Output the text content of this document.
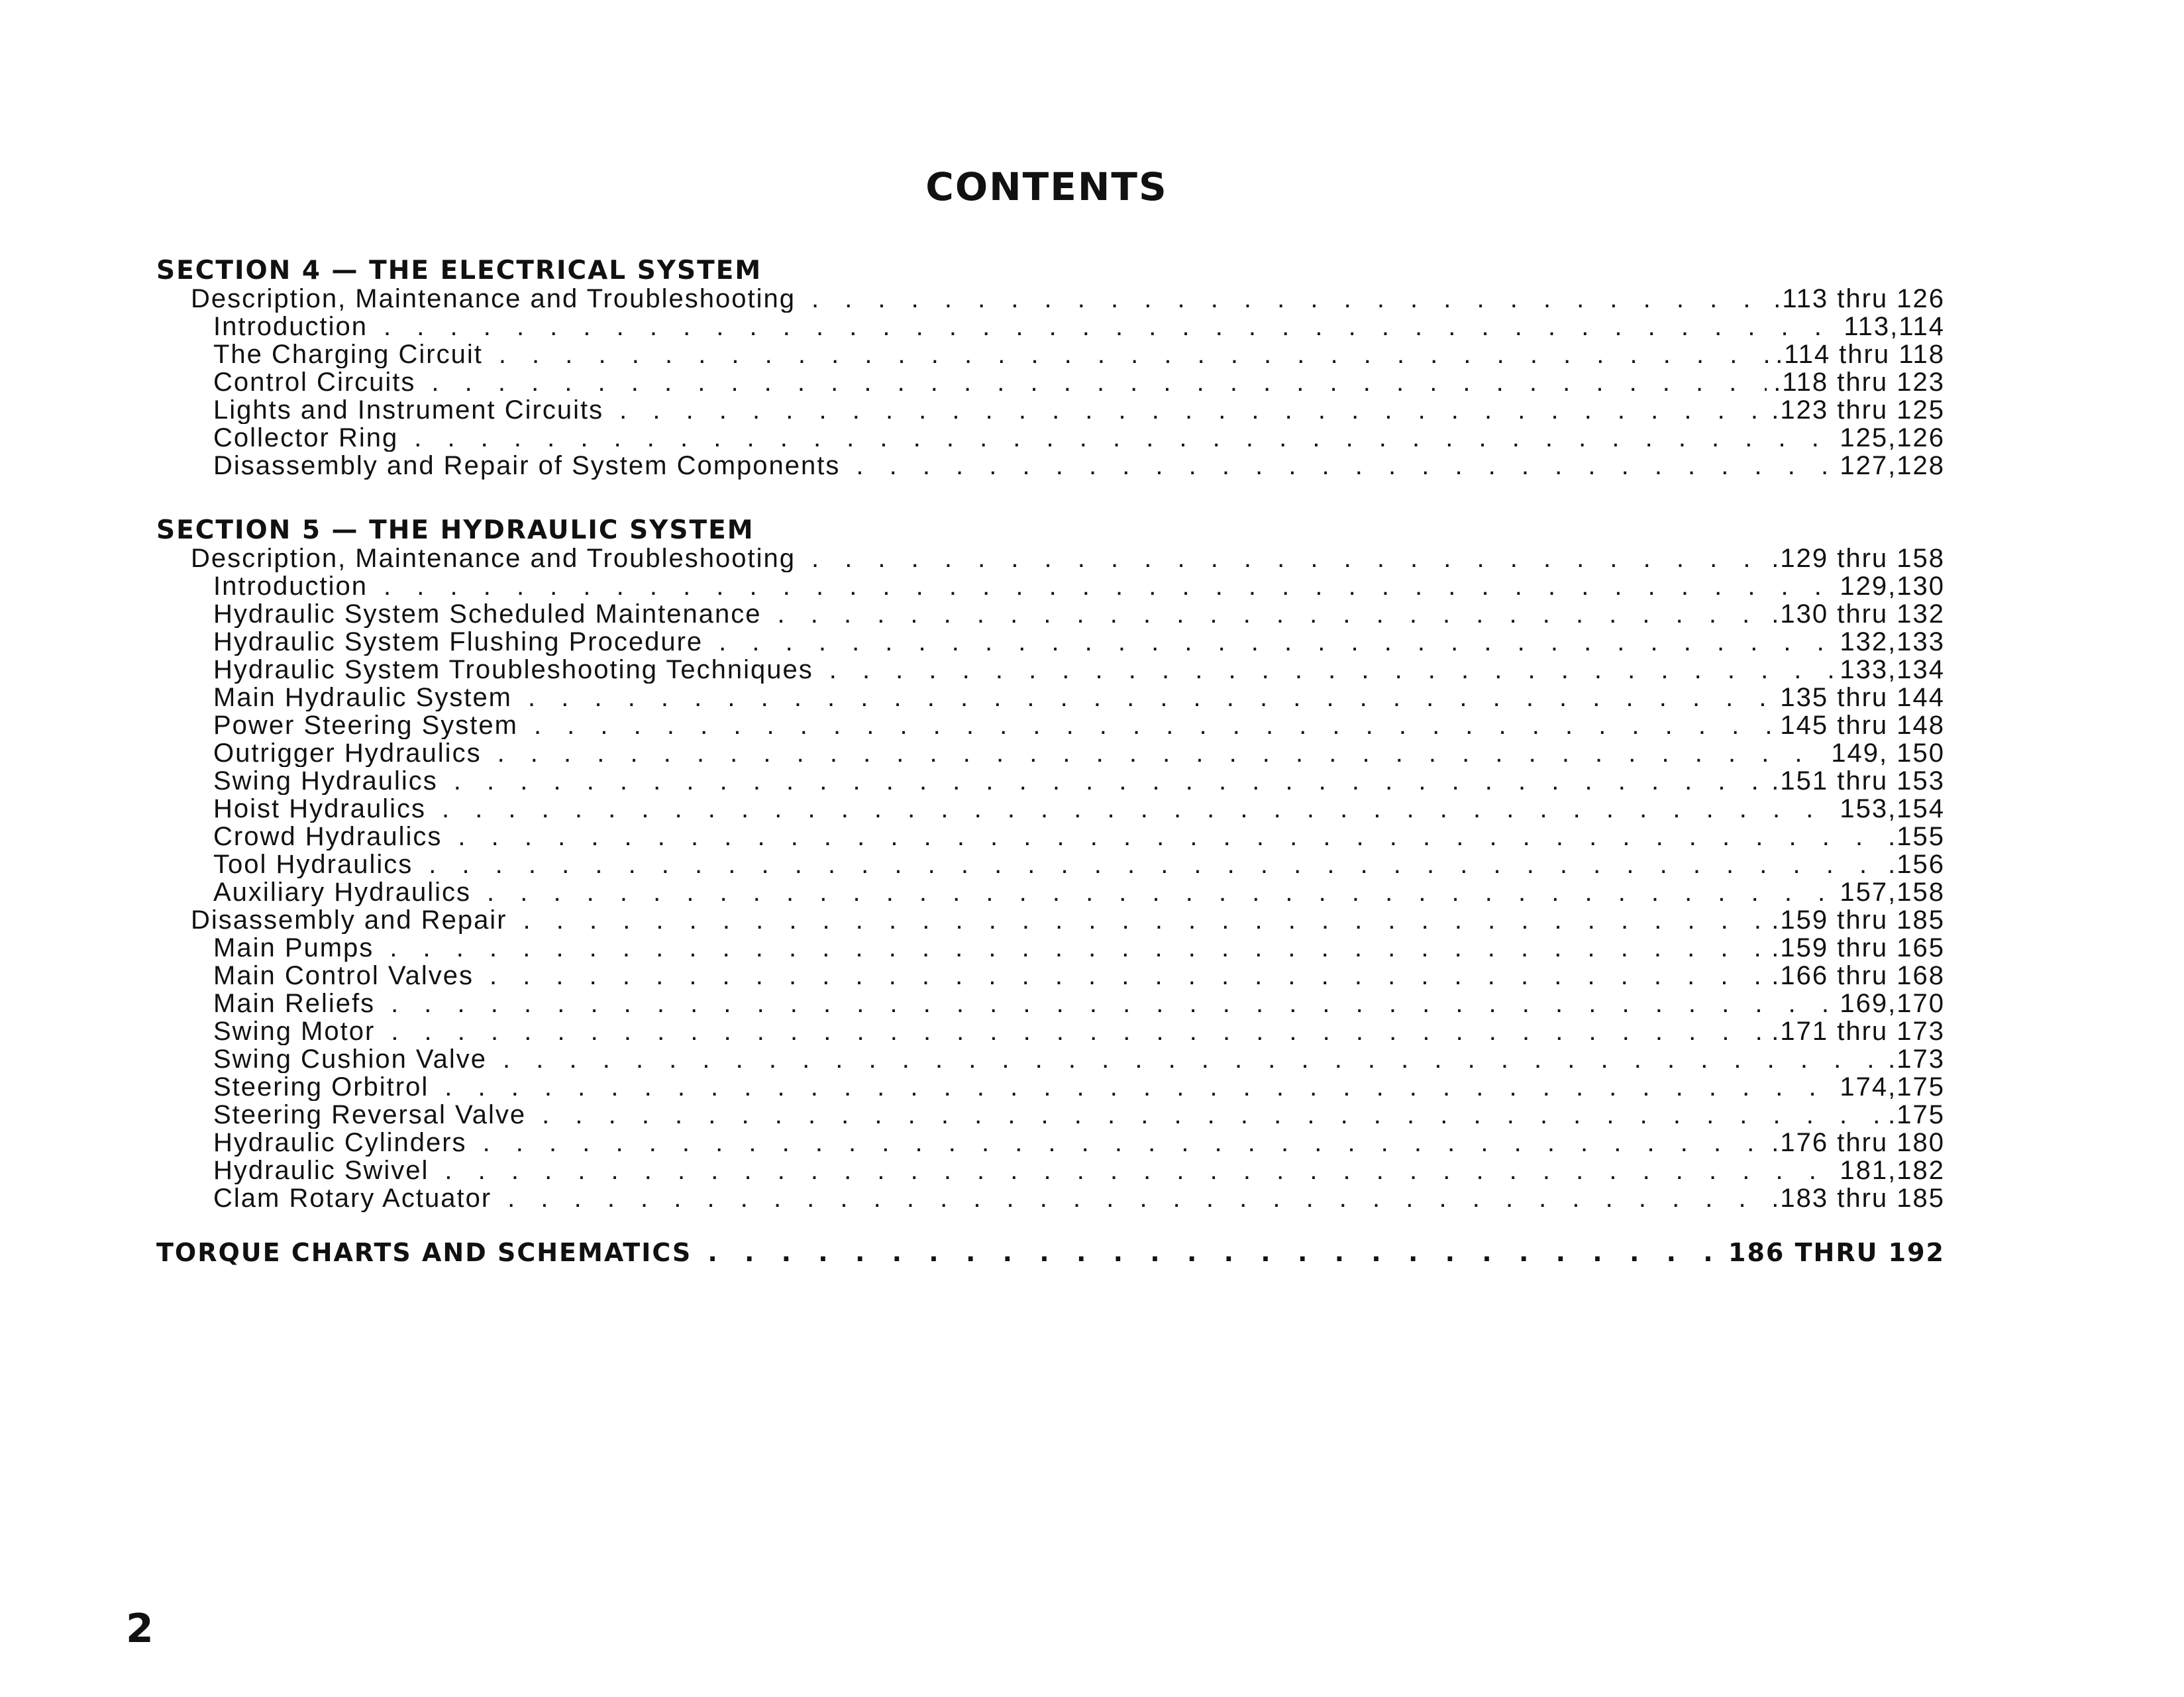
CONTENTS
SECTION 4 — THE ELECTRICAL SYSTEM
Description, Maintenance and Troubleshooting . . .	.113 thru 126
Introduction . . .	113,114
The Charging Circuit . . .	.114 thru 118
Control Circuits . . .	.118 thru 123
Lights and Instrument Circuits . . .	.123 thru 125
Collector Ring . . .	125,126
Disassembly and Repair of System Components . . .	127,128
SECTION 5 — THE HYDRAULIC SYSTEM
Description, Maintenance and Troubleshooting . . .	.129 thru 158
Introduction . . .	129,130
Hydraulic System Scheduled Maintenance . . .	.130 thru 132
Hydraulic System Flushing Procedure . . .	132,133
Hydraulic System Troubleshooting Techniques . . .	133,134
Main Hydraulic System . . .	135 thru 144
Power Steering System . . .	145 thru 148
Outrigger Hydraulics . . .	149, 150
Swing Hydraulics . . .	.151 thru 153
Hoist Hydraulics . . .	153,154
Crowd Hydraulics . . .	.155
Tool Hydraulics . . .	.156
Auxiliary Hydraulics . . .	157,158
Disassembly and Repair . . .	.159 thru 185
Main Pumps . . .	.159 thru 165
Main Control Valves . . .	.166 thru 168
Main Reliefs . . .	169,170
Swing Motor . . .	.171 thru 173
Swing Cushion Valve . . .	.173
Steering Orbitrol . . .	174,175
Steering Reversal Valve . . .	.175
Hydraulic Cylinders . . .	.176 thru 180
Hydraulic Swivel . . .	181,182
Clam Rotary Actuator . . .	.183 thru 185
TORQUE CHARTS AND SCHEMATICS . . .	186 THRU 192
2
